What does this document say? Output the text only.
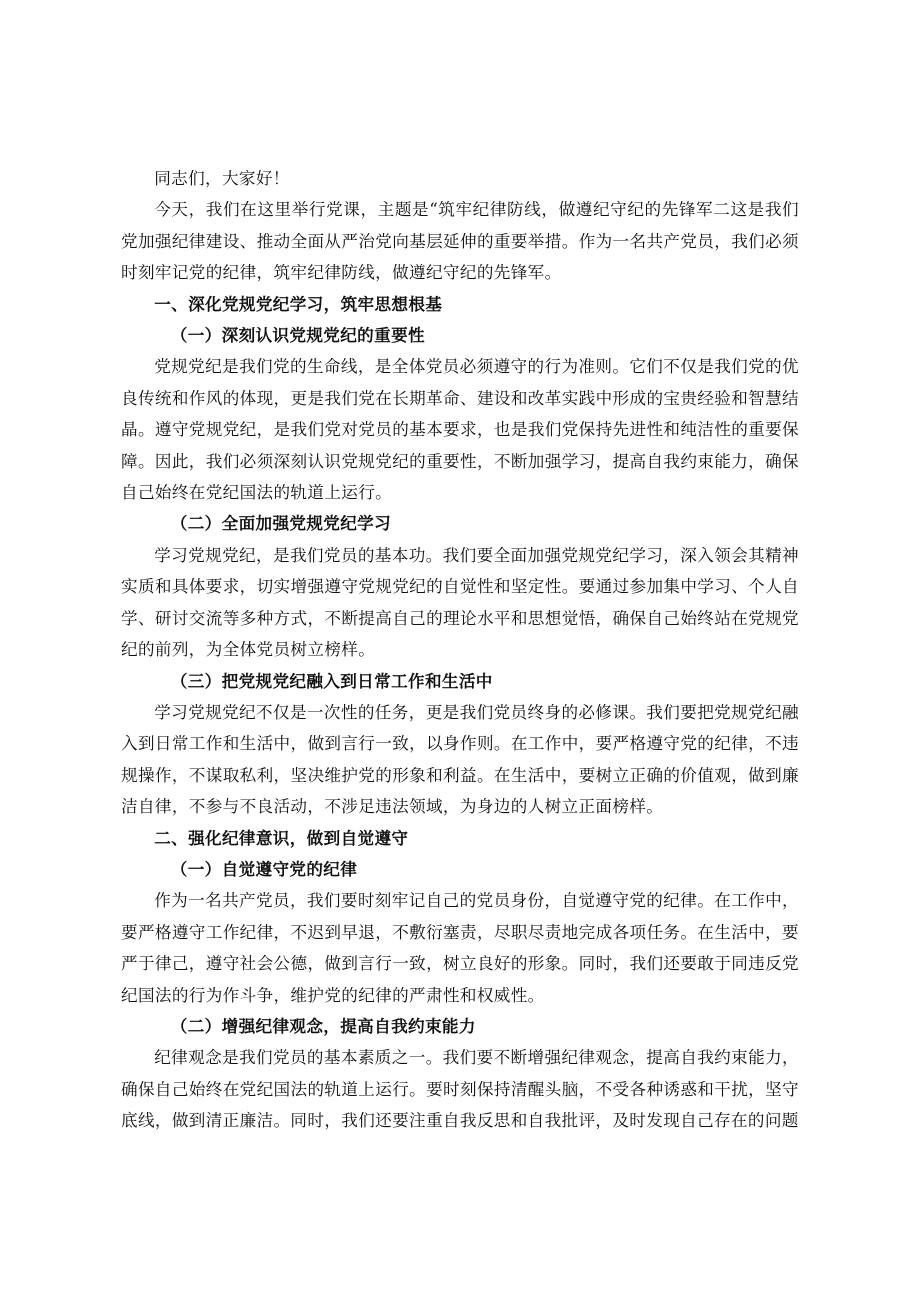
同志们，大家好！

今天，我们在这里举行党课，主题是“筑牢纪律防线，做遵纪守纪的先锋军二这是我们党加强纪律建设、推动全面从严治党向基层延伸的重要举措。作为一名共产党员，我们必须时刻牢记党的纪律，筑牢纪律防线，做遵纪守纪的先锋军。

一、深化党规党纪学习，筑牢思想根基

（一）深刻认识党规党纪的重要性

党规党纪是我们党的生命线，是全体党员必须遵守的行为准则。它们不仅是我们党的优良传统和作风的体现，更是我们党在长期革命、建设和改革实践中形成的宝贵经验和智慧结晶。遵守党规党纪，是我们党对党员的基本要求，也是我们党保持先进性和纯洁性的重要保障。因此，我们必须深刻认识党规党纪的重要性，不断加强学习，提高自我约束能力，确保自己始终在党纪国法的轨道上运行。

（二）全面加强党规党纪学习

学习党规党纪，是我们党员的基本功。我们要全面加强党规党纪学习，深入领会其精神实质和具体要求，切实增强遵守党规党纪的自觉性和坚定性。要通过参加集中学习、个人自学、研讨交流等多种方式，不断提高自己的理论水平和思想觉悟，确保自己始终站在党规党纪的前列，为全体党员树立榜样。

（三）把党规党纪融入到日常工作和生活中

学习党规党纪不仅是一次性的任务，更是我们党员终身的必修课。我们要把党规党纪融入到日常工作和生活中，做到言行一致，以身作则。在工作中，要严格遵守党的纪律，不违规操作，不谋取私利，坚决维护党的形象和利益。在生活中，要树立正确的价值观，做到廉洁自律，不参与不良活动，不涉足违法领域，为身边的人树立正面榜样。

二、强化纪律意识，做到自觉遵守

（一）自觉遵守党的纪律

作为一名共产党员，我们要时刻牢记自己的党员身份，自觉遵守党的纪律。在工作中，要严格遵守工作纪律，不迟到早退，不敷衍塞责，尽职尽责地完成各项任务。在生活中，要严于律己，遵守社会公德，做到言行一致，树立良好的形象。同时，我们还要敢于同违反党纪国法的行为作斗争，维护党的纪律的严肃性和权威性。

（二）增强纪律观念，提高自我约束能力

纪律观念是我们党员的基本素质之一。我们要不断增强纪律观念，提高自我约束能力，确保自己始终在党纪国法的轨道上运行。要时刻保持清醒头脑，不受各种诱惑和干扰，坚守底线，做到清正廉洁。同时，我们还要注重自我反思和自我批评，及时发现自己存在的问题
